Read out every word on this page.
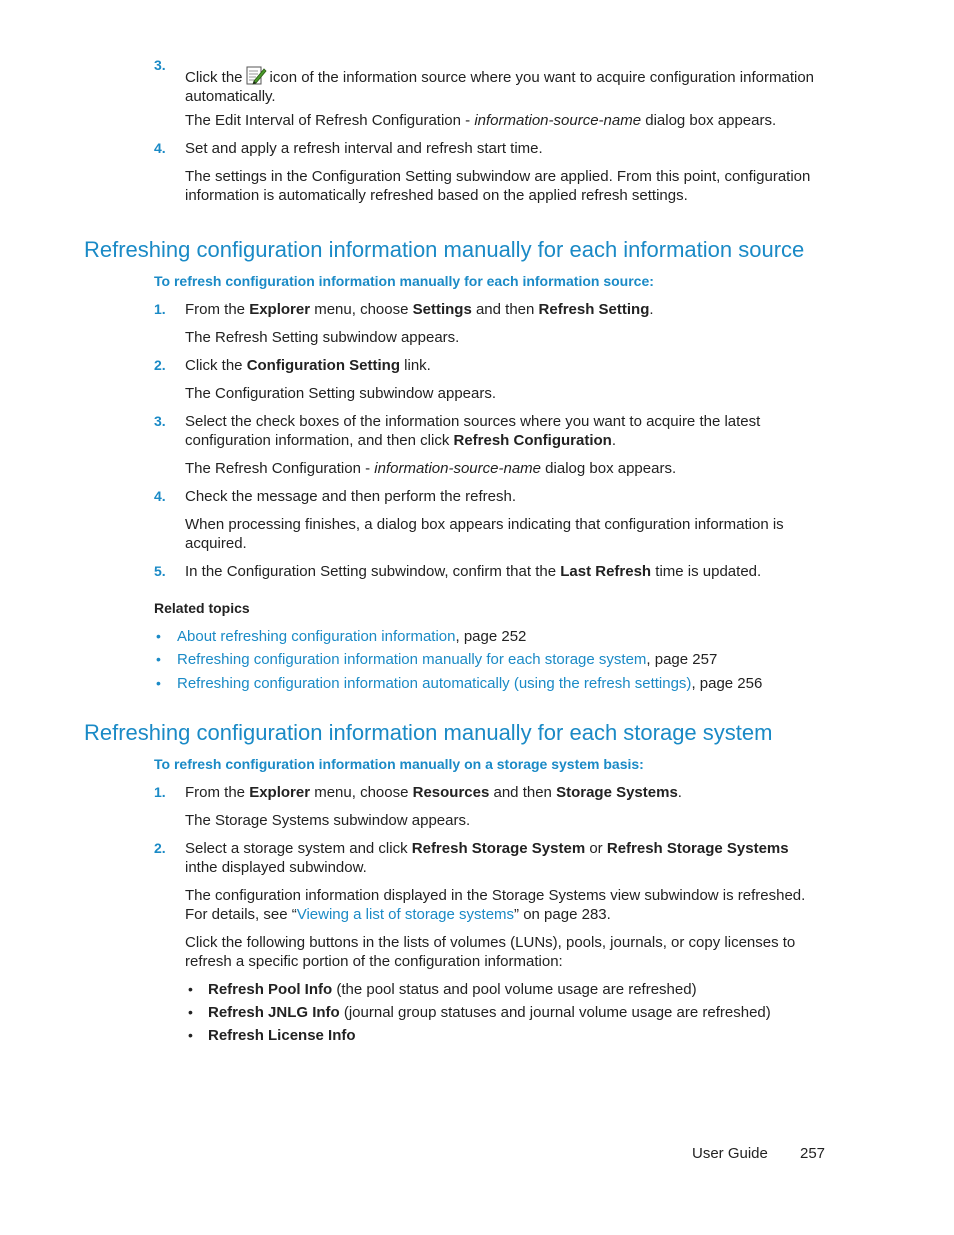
3.
Click the icon of the information source where you want to acquire configuration information automatically.
The Edit Interval of Refresh Configuration - information-source-name dialog box appears.
4. Set and apply a refresh interval and refresh start time.
The settings in the Configuration Setting subwindow are applied. From this point, configuration information is automatically refreshed based on the applied refresh settings.
Refreshing configuration information manually for each information source
To refresh configuration information manually for each information source:
1. From the Explorer menu, choose Settings and then Refresh Setting.
The Refresh Setting subwindow appears.
2. Click the Configuration Setting link.
The Configuration Setting subwindow appears.
3. Select the check boxes of the information sources where you want to acquire the latest configuration information, and then click Refresh Configuration.
The Refresh Configuration - information-source-name dialog box appears.
4. Check the message and then perform the refresh.
When processing finishes, a dialog box appears indicating that configuration information is acquired.
5. In the Configuration Setting subwindow, confirm that the Last Refresh time is updated.
Related topics
• About refreshing configuration information, page 252
• Refreshing configuration information manually for each storage system, page 257
• Refreshing configuration information automatically (using the refresh settings), page 256
Refreshing configuration information manually for each storage system
To refresh configuration information manually on a storage system basis:
1. From the Explorer menu, choose Resources and then Storage Systems.
The Storage Systems subwindow appears.
2. Select a storage system and click Refresh Storage System or Refresh Storage Systems inthe displayed subwindow.
The configuration information displayed in the Storage Systems view subwindow is refreshed.
For details, see “Viewing a list of storage systems” on page 283.
Click the following buttons in the lists of volumes (LUNs), pools, journals, or copy licenses to refresh a specific portion of the configuration information:
• Refresh Pool Info (the pool status and pool volume usage are refreshed)
• Refresh JNLG Info (journal group statuses and journal volume usage are refreshed)
• Refresh License Info
User Guide 257
